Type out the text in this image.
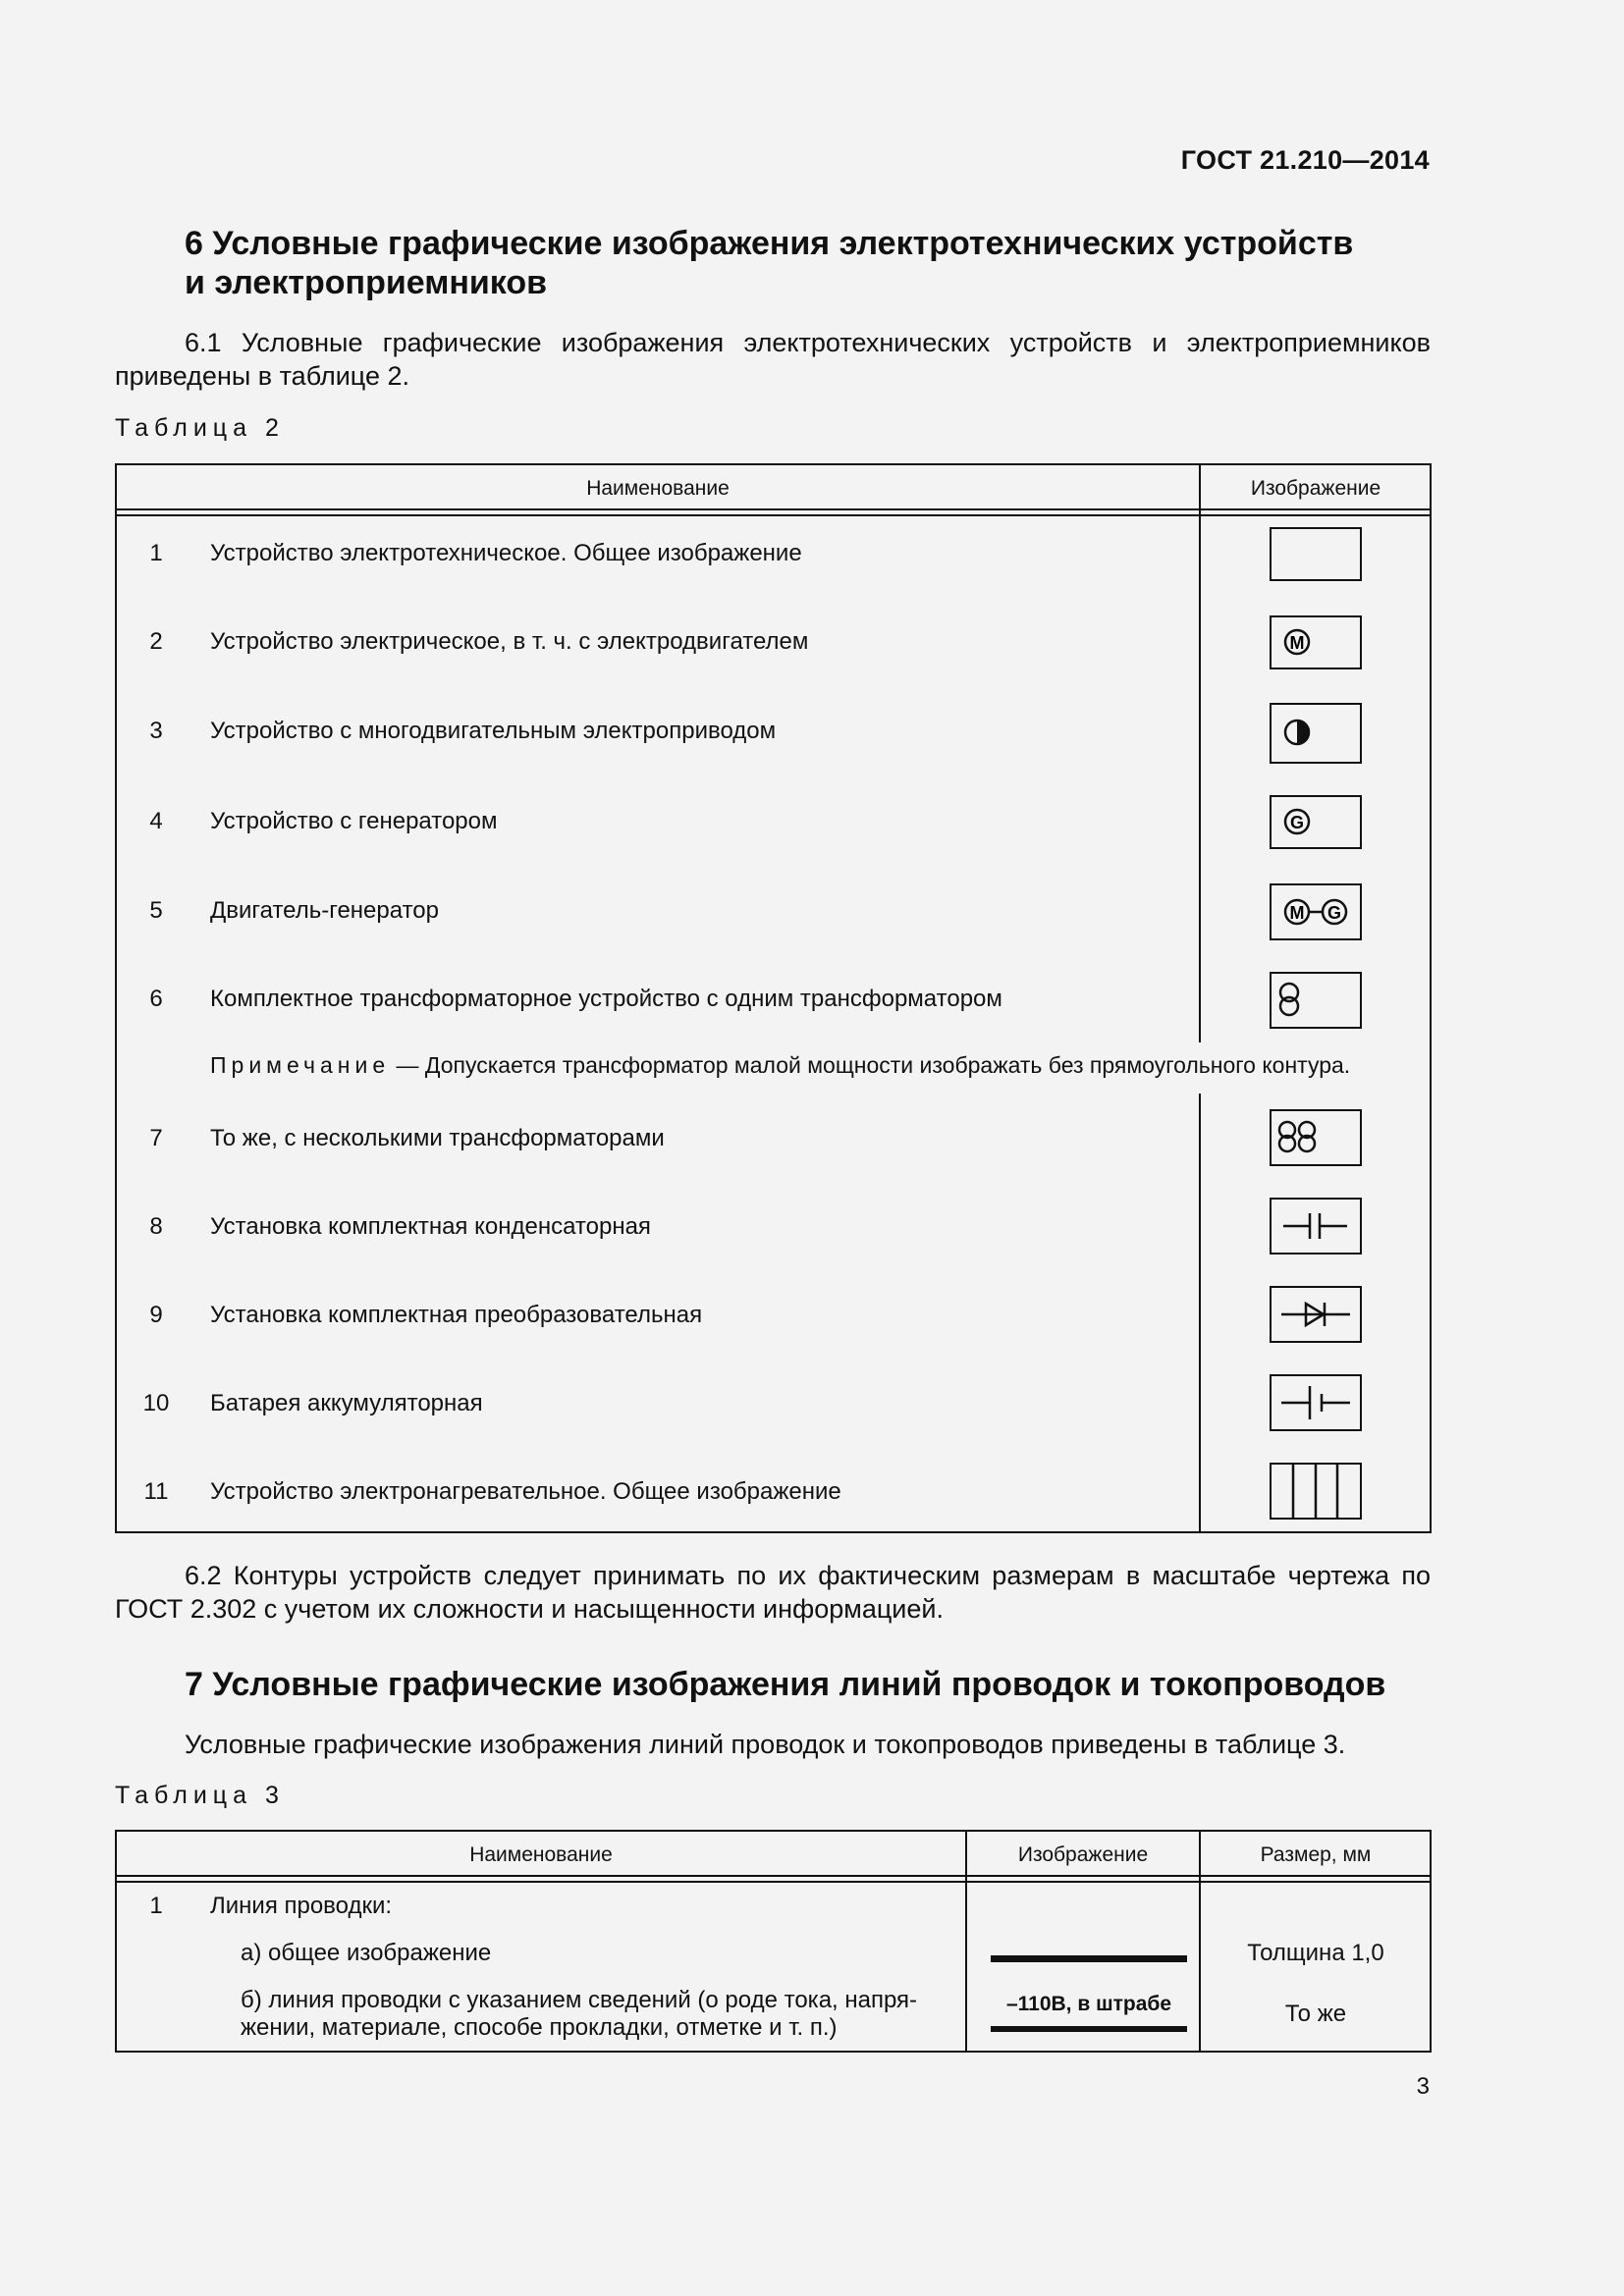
ГОСТ 21.210—2014
6 Условные графические изображения электротехнических устройств
и электроприемников
6.1 Условные графические изображения электротехнических устройств и электроприемников приведены в таблице 2.
Таблица 2
Наименование	Изображение
1	Устройство электротехническое. Общее изображение
2	Устройство электрическое, в т. ч. с электродвигателем	M
3	Устройство с многодвигательным электроприводом
4	Устройство с генератором	G
5	Двигатель-генератор	M G
6	Комплектное трансформаторное устройство с одним трансформатором
Примечание — Допускается трансформатор малой мощности изображать без прямоугольного контура.
7	То же, с несколькими трансформаторами
8	Установка комплектная конденсаторная
9	Установка комплектная преобразовательная
10	Батарея аккумуляторная
11	Устройство электронагревательное. Общее изображение
6.2 Контуры устройств следует принимать по их фактическим размерам в масштабе чертежа по ГОСТ 2.302 с учетом их сложности и насыщенности информацией.
7 Условные графические изображения линий проводок и токопроводов
Условные графические изображения линий проводок и токопроводов приведены в таблице 3.
Таблица 3
Наименование	Изображение	Размер, мм
1	Линия проводки:
а) общее изображение	Толщина 1,0
б) линия проводки с указанием сведений (о роде тока, напря-
жении, материале, способе прокладки, отметке и т. п.)
–110В, в штрабе	То же
3
